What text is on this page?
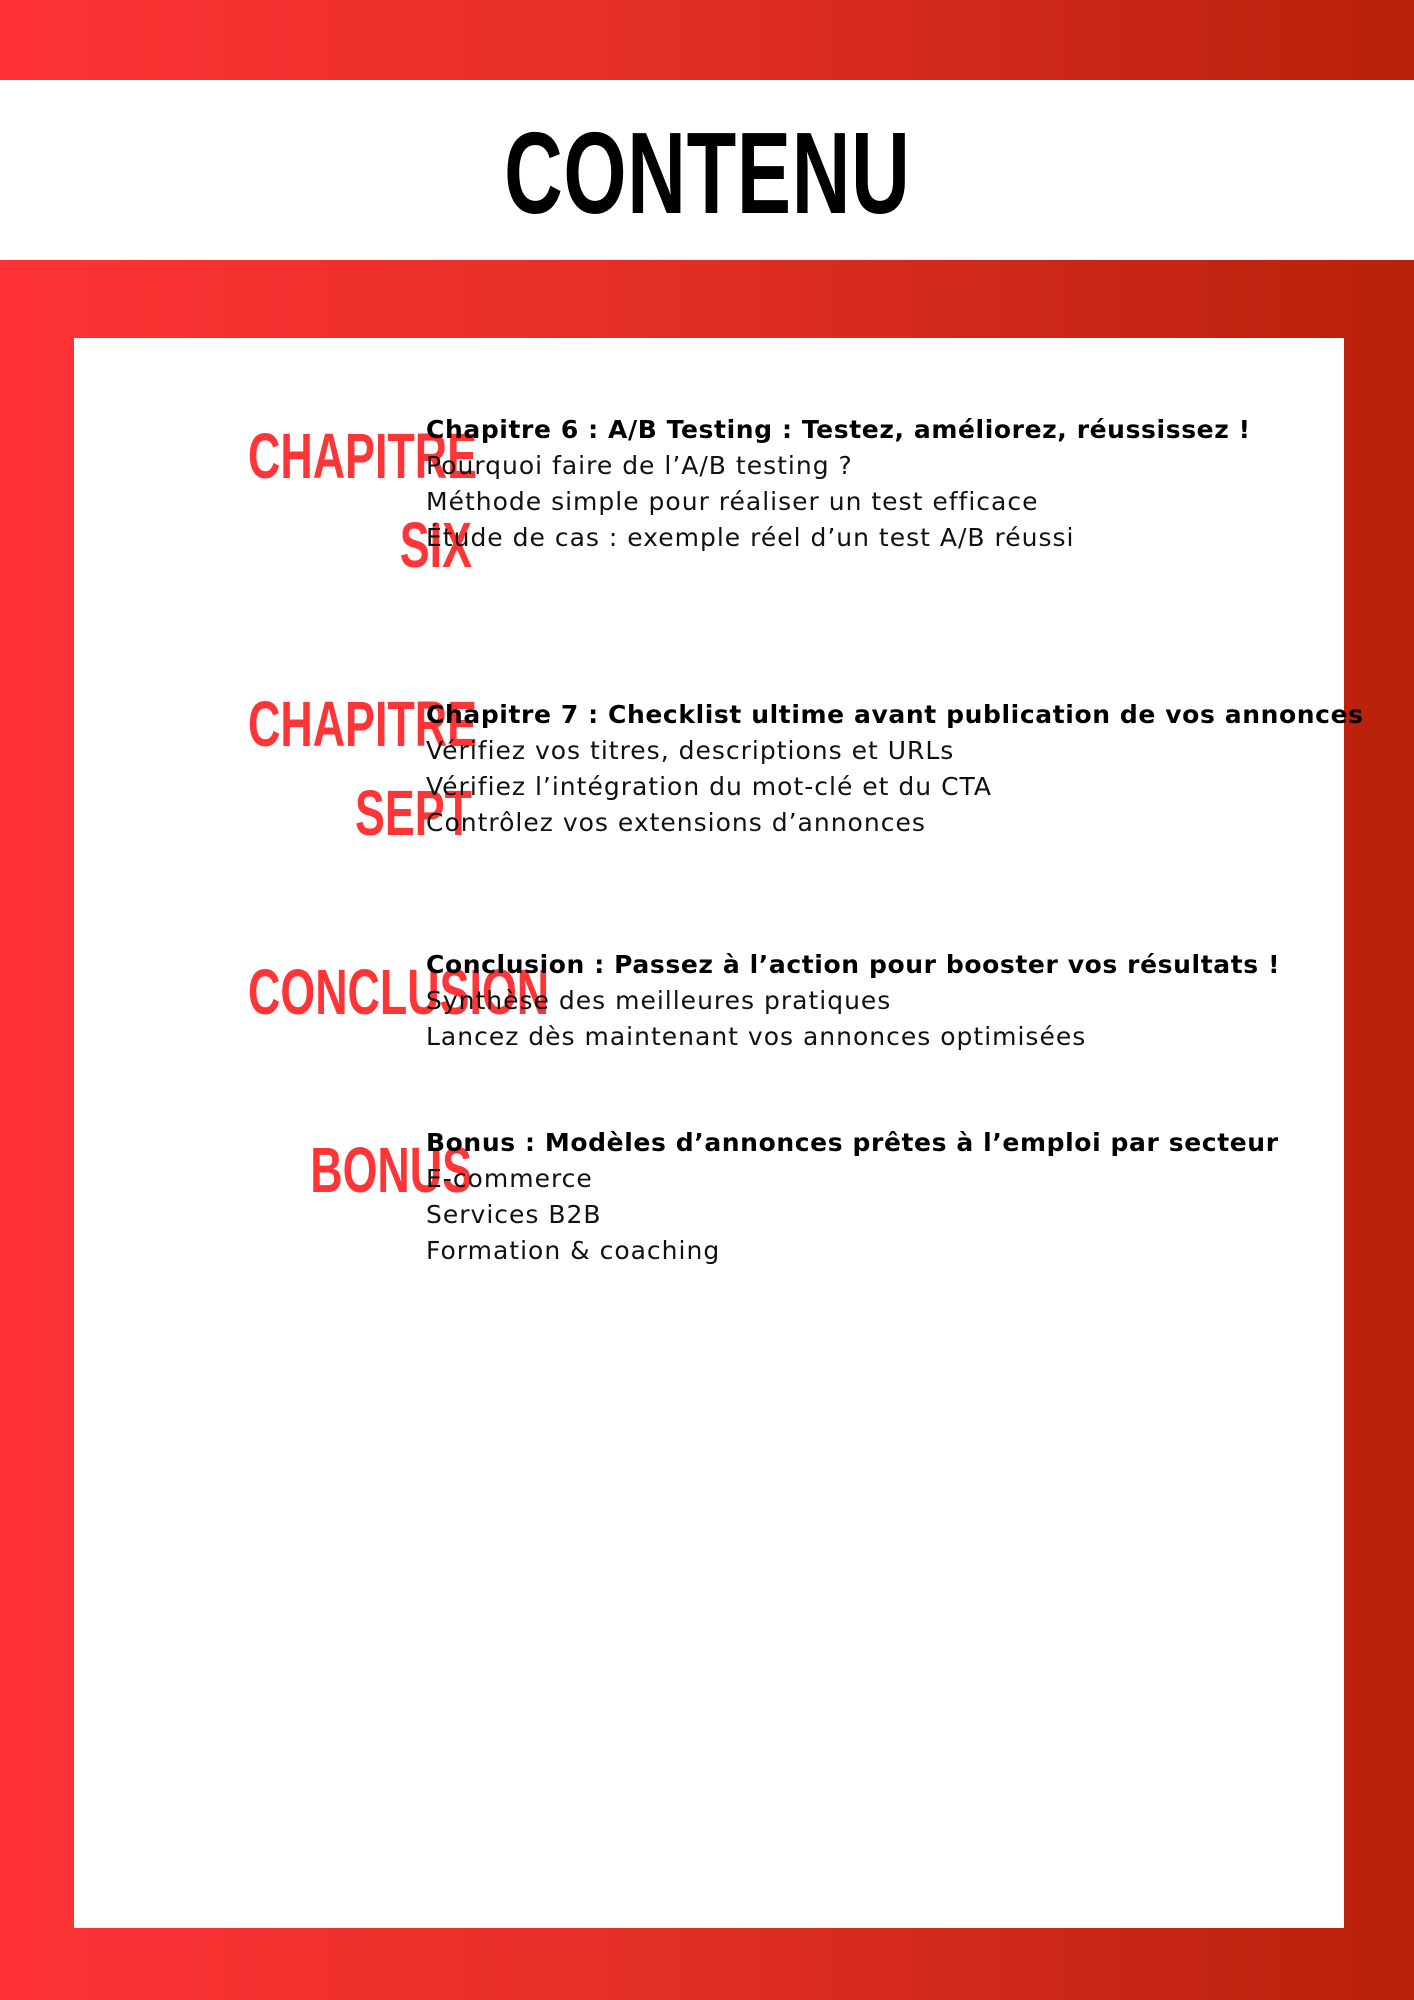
CONTENU
CHAPITRE
SIX
Chapitre 6 : A/B Testing : Testez, améliorez, réussissez !
Pourquoi faire de l’A/B testing ?
Méthode simple pour réaliser un test efficace
Étude de cas : exemple réel d’un test A/B réussi
CHAPITRE
SEPT
Chapitre 7 : Checklist ultime avant publication de vos annonces
Vérifiez vos titres, descriptions et URLs
Vérifiez l’intégration du mot-clé et du CTA
Contrôlez vos extensions d’annonces
CONCLUSION
Conclusion : Passez à l’action pour booster vos résultats !
Synthèse des meilleures pratiques
Lancez dès maintenant vos annonces optimisées
BONUS
Bonus : Modèles d’annonces prêtes à l’emploi par secteur
E-commerce
Services B2B
Formation & coaching
